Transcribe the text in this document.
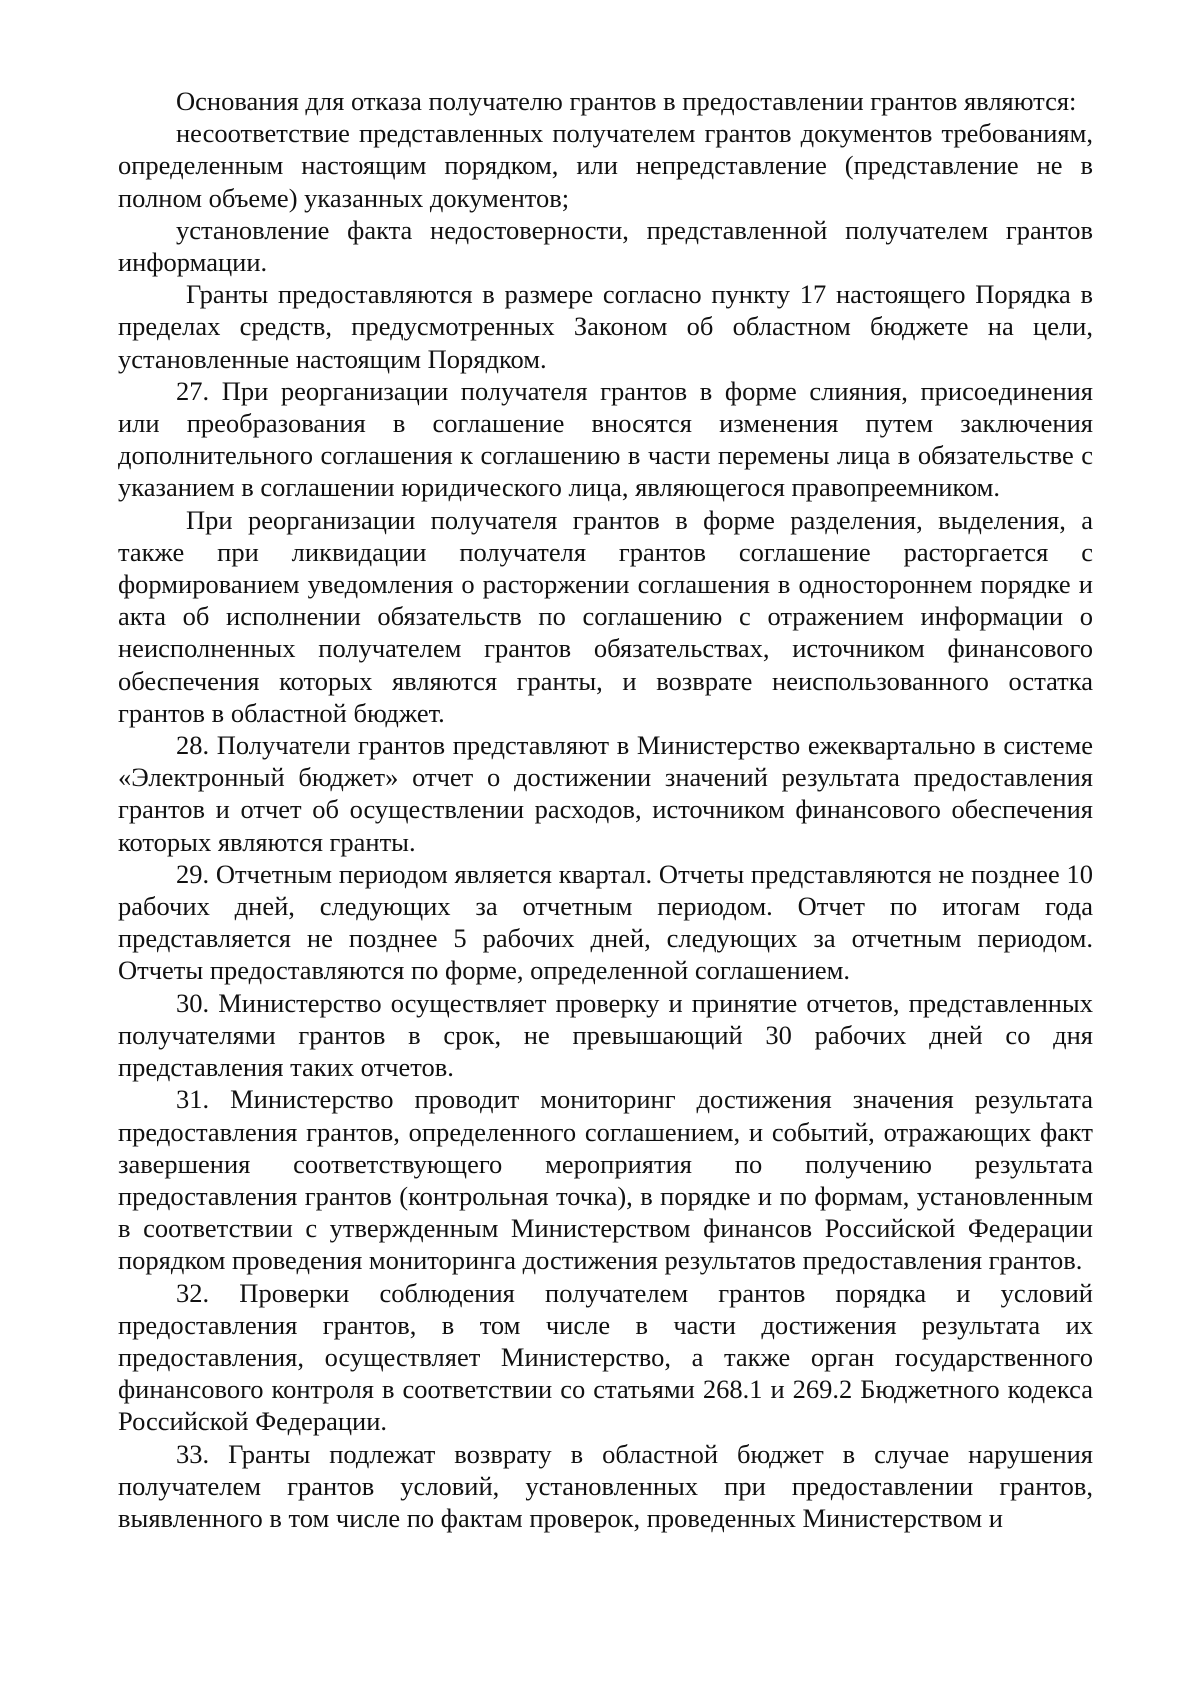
Основания для отказа получателю грантов в предоставлении грантов являются:

несоответствие представленных получателем грантов документов требованиям, определенным настоящим порядком, или непредставление (представление не в полном объеме) указанных документов;

установление факта недостоверности, представленной получателем грантов информации.

Гранты предоставляются в размере согласно пункту 17 настоящего Порядка в пределах средств, предусмотренных Законом об областном бюджете на цели, установленные настоящим Порядком.

27. При реорганизации получателя грантов в форме слияния, присоединения или преобразования в соглашение вносятся изменения путем заключения дополнительного соглашения к соглашению в части перемены лица в обязательстве с указанием в соглашении юридического лица, являющегося правопреемником.

При реорганизации получателя грантов в форме разделения, выделения, а также при ликвидации получателя грантов соглашение расторгается с формированием уведомления о расторжении соглашения в одностороннем порядке и акта об исполнении обязательств по соглашению с отражением информации о неисполненных получателем грантов обязательствах, источником финансового обеспечения которых являются гранты, и возврате неиспользованного остатка грантов в областной бюджет.

28. Получатели грантов представляют в Министерство ежеквартально в системе «Электронный бюджет» отчет о достижении значений результата предоставления грантов и отчет об осуществлении расходов, источником финансового обеспечения которых являются гранты.

29. Отчетным периодом является квартал. Отчеты представляются не позднее 10 рабочих дней, следующих за отчетным периодом. Отчет по итогам года представляется не позднее 5 рабочих дней, следующих за отчетным периодом. Отчеты предоставляются по форме, определенной соглашением.

30. Министерство осуществляет проверку и принятие отчетов, представленных получателями грантов в срок, не превышающий 30 рабочих дней со дня представления таких отчетов.

31. Министерство проводит мониторинг достижения значения результата предоставления грантов, определенного соглашением, и событий, отражающих факт завершения соответствующего мероприятия по получению результата предоставления грантов (контрольная точка), в порядке и по формам, установленным в соответствии с утвержденным Министерством финансов Российской Федерации порядком проведения мониторинга достижения результатов предоставления грантов.

32. Проверки соблюдения получателем грантов порядка и условий предоставления грантов, в том числе в части достижения результата их предоставления, осуществляет Министерство, а также орган государственного финансового контроля в соответствии со статьями 268.1 и 269.2 Бюджетного кодекса Российской Федерации.

33. Гранты подлежат возврату в областной бюджет в случае нарушения получателем грантов условий, установленных при предоставлении грантов, выявленного в том числе по фактам проверок, проведенных Министерством и
